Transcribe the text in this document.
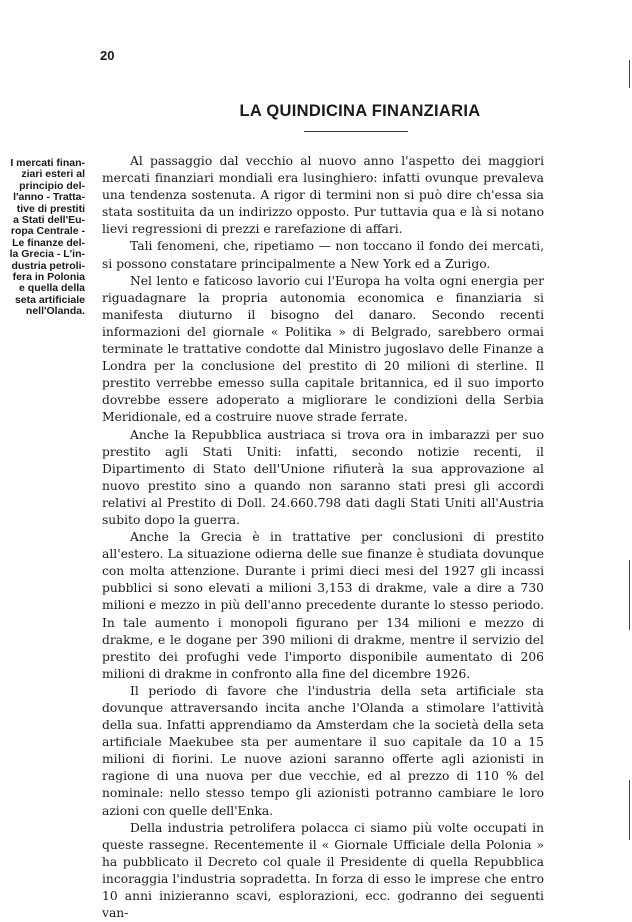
20
LA QUINDICINA FINANZIARIA
I mercati finan-
ziari esteri al
principio del-
l'anno - Tratta-
tive di prestiti
a Stati dell'Eu-
ropa Centrale -
Le finanze del-
la Grecia - L'in-
dustria petroli-
fera in Polonia
e quella della
seta artificiale
nell'Olanda.

Al passaggio dal vecchio al nuovo anno l'aspetto dei maggiori mercati finanziari mondiali era lusinghiero: infatti ovunque prevaleva una tendenza sostenuta. A rigor di termini non si può dire ch'essa sia stata sostituita da un indirizzo opposto. Pur tuttavia qua e là si notano lievi regressioni di prezzi e rarefazione di affari.

Tali fenomeni, che, ripetiamo — non toccano il fondo dei mercati, si possono constatare principalmente a New York ed a Zurigo.

Nel lento e faticoso lavorio cui l'Europa ha volta ogni energia per riguadagnare la propria autonomia economica e finanziaria si manifesta diuturno il bisogno del danaro. Secondo recenti informazioni del giornale « Politika » di Belgrado, sarebbero ormai terminate le trattative condotte dal Ministro jugoslavo delle Finanze a Londra per la conclusione del prestito di 20 milioni di sterline. Il prestito verrebbe emesso sulla capitale britannica, ed il suo importo dovrebbe essere adoperato a migliorare le condizioni della Serbia Meridionale, ed a costruire nuove strade ferrate.

Anche la Repubblica austriaca si trova ora in imbarazzi per suo prestito agli Stati Uniti: infatti, secondo notizie recenti, il Dipartimento di Stato dell'Unione rifiuterà la sua approvazione al nuovo prestito sino a quando non saranno stati presi gli accordi relativi al Prestito di Doll. 24.660.798 dati dagli Stati Uniti all'Austria subito dopo la guerra.

Anche la Grecia è in trattative per conclusioni di prestito all'estero. La situazione odierna delle sue finanze è studiata dovunque con molta attenzione. Durante i primi dieci mesi del 1927 gli incassi pubblici si sono elevati a milioni 3,153 di drakme, vale a dire a 730 milioni e mezzo in più dell'anno precedente durante lo stesso periodo. In tale aumento i monopoli figurano per 134 milioni e mezzo di drakme, e le dogane per 390 milioni di drakme, mentre il servizio del prestito dei profughi vede l'importo disponibile aumentato di 206 milioni di drakme in confronto alla fine del dicembre 1926.

Il periodo di favore che l'industria della seta artificiale sta dovunque attraversando incita anche l'Olanda a stimolare l'attività della sua. Infatti apprendiamo da Amsterdam che la società della seta artificiale Maekubee sta per aumentare il suo capitale da 10 a 15 milioni di fiorini. Le nuove azioni saranno offerte agli azionisti in ragione di una nuova per due vecchie, ed al prezzo di 110 % del nominale: nello stesso tempo gli azionisti potranno cambiare le loro azioni con quelle dell'Enka.

Della industria petrolifera polacca ci siamo più volte occupati in queste rassegne. Recentemente il « Giornale Ufficiale della Polonia » ha pubblicato il Decreto col quale il Presidente di quella Repubblica incoraggia l'industria sopradetta. In forza di esso le imprese che entro 10 anni inizieranno scavi, esplorazioni, ecc. godranno dei seguenti van-
